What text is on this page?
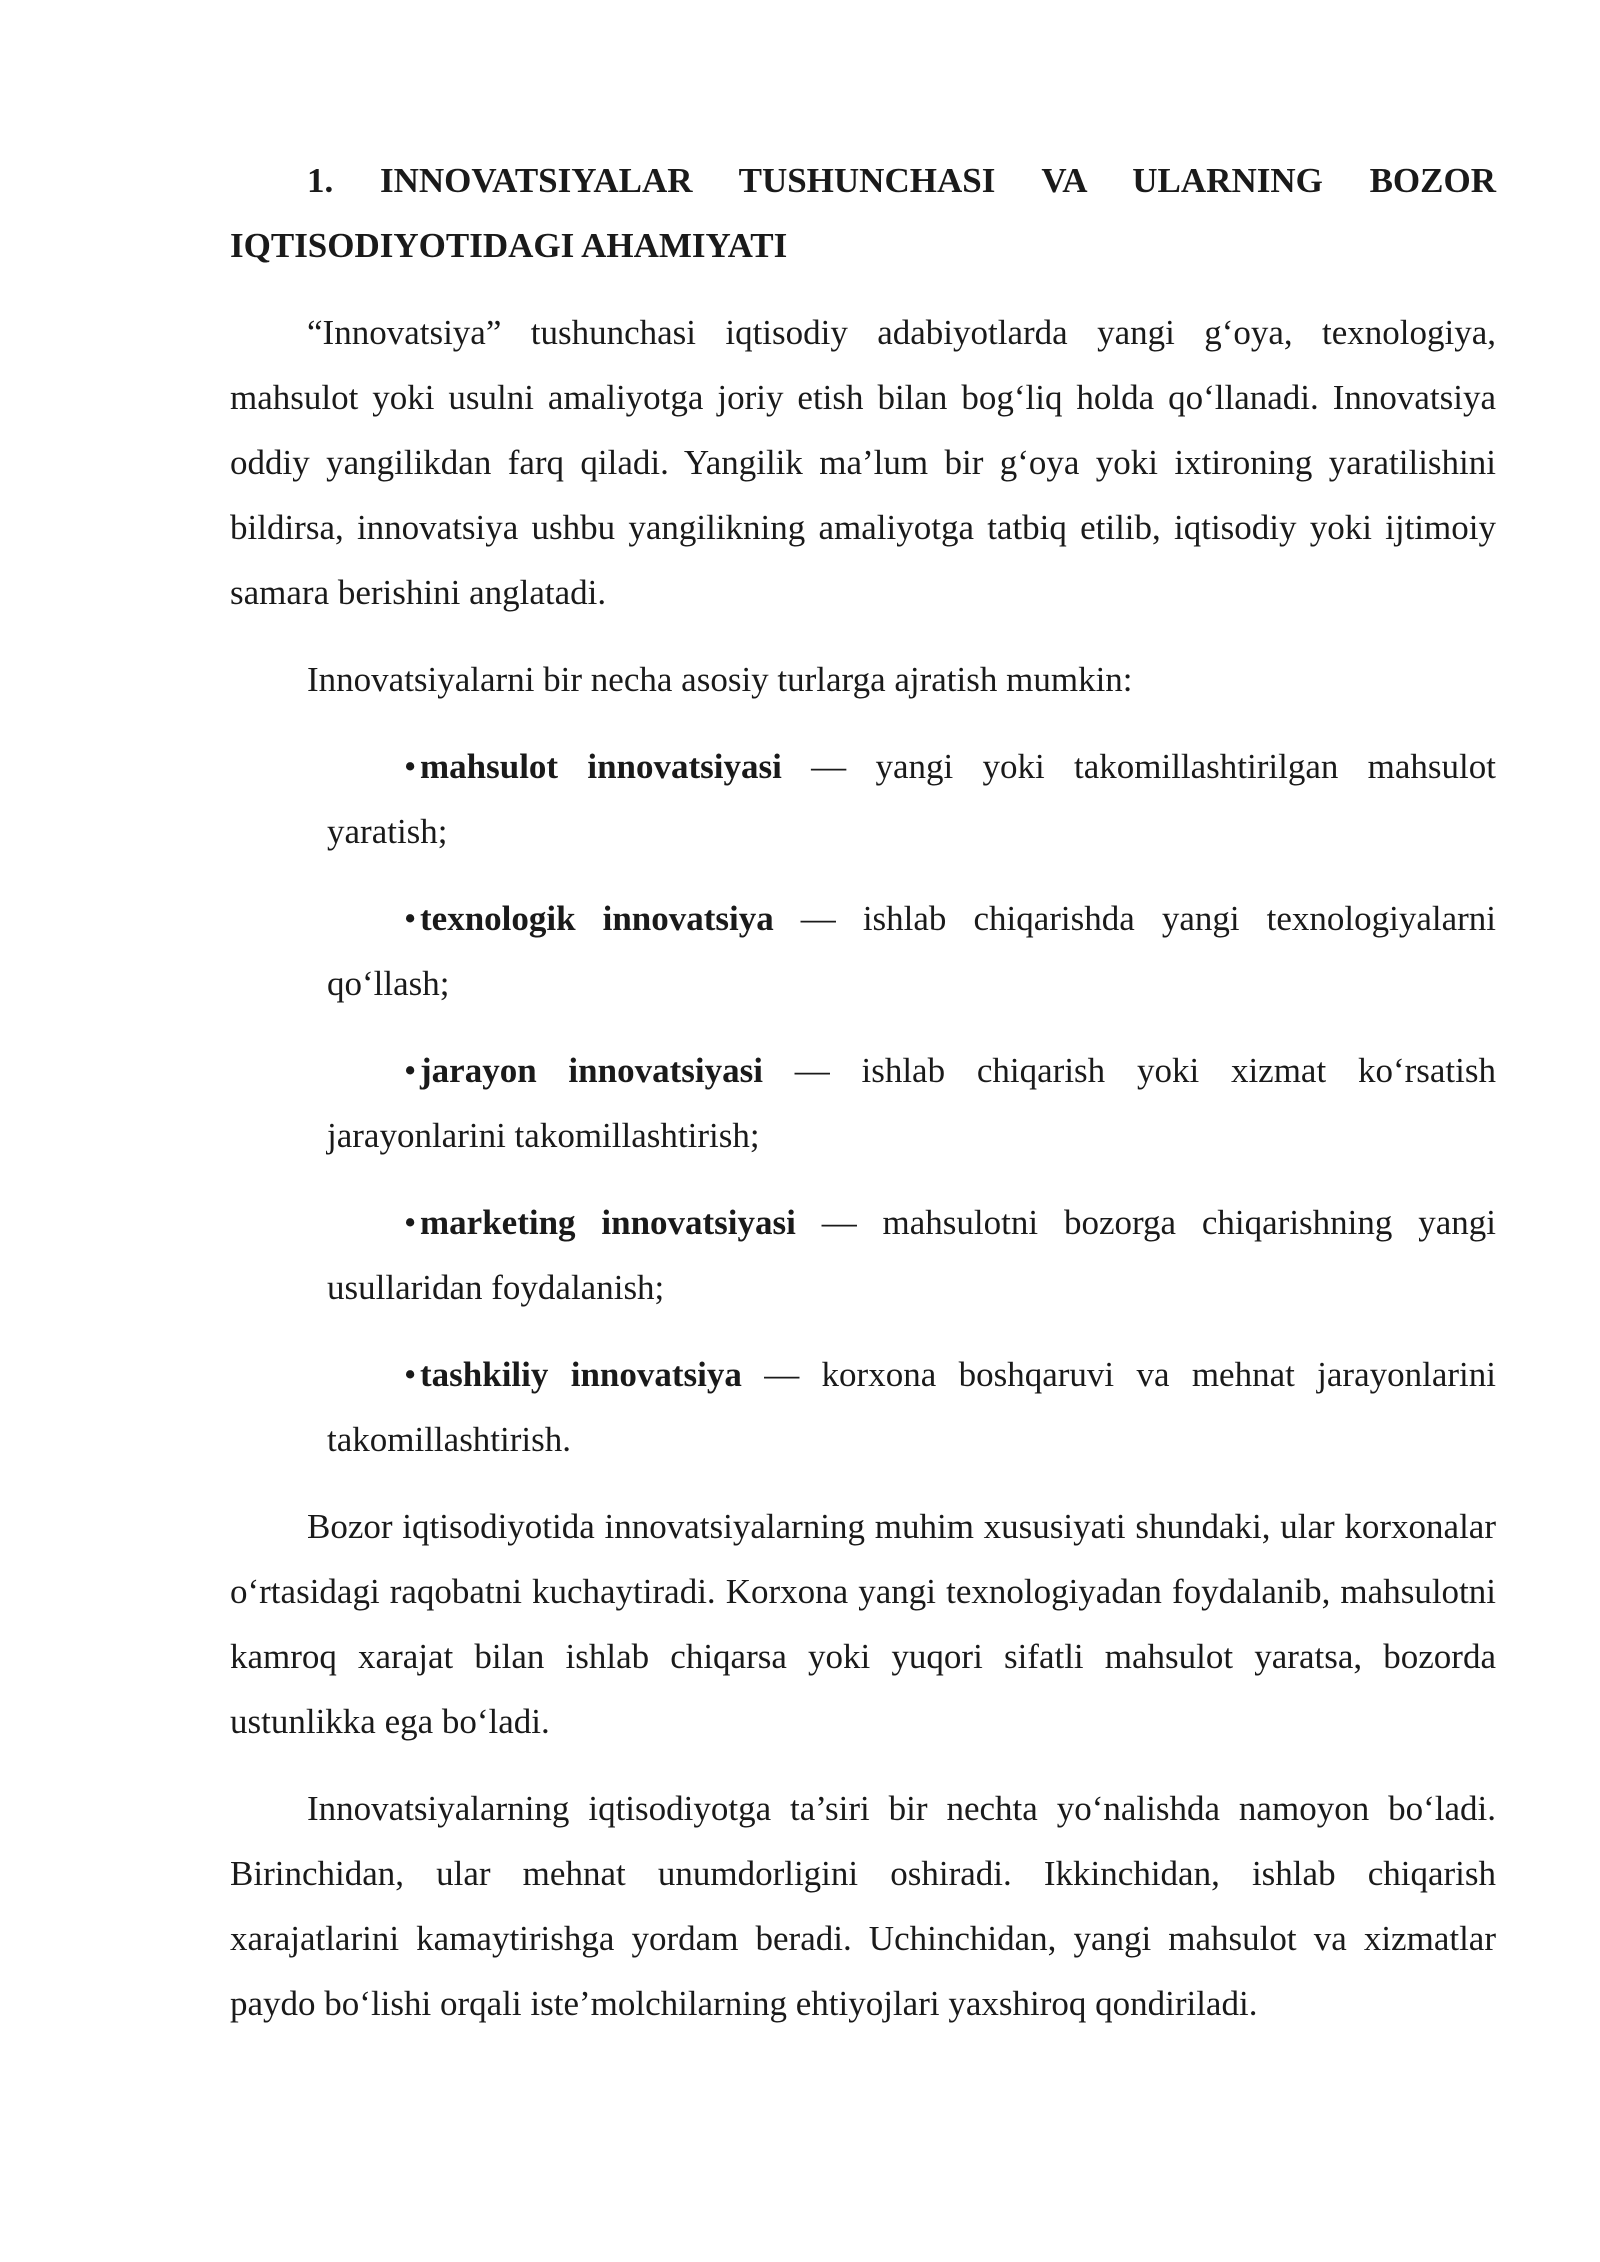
1. INNOVATSIYALAR TUSHUNCHASI VA ULARNING BOZOR IQTISODIYOTIDAGI AHAMIYATI

“Innovatsiya” tushunchasi iqtisodiy adabiyotlarda yangi g‘oya, texnologiya, mahsulot yoki usulni amaliyotga joriy etish bilan bog‘liq holda qo‘llanadi. Innovatsiya oddiy yangilikdan farq qiladi. Yangilik ma’lum bir g‘oya yoki ixtironing yaratilishini bildirsa, innovatsiya ushbu yangilikning amaliyotga tatbiq etilib, iqtisodiy yoki ijtimoiy samara berishini anglatadi.

Innovatsiyalarni bir necha asosiy turlarga ajratish mumkin:

• mahsulot innovatsiyasi — yangi yoki takomillashtirilgan mahsulot yaratish;
• texnologik innovatsiya — ishlab chiqarishda yangi texnologiyalarni qo‘llash;
• jarayon innovatsiyasi — ishlab chiqarish yoki xizmat ko‘rsatish jarayonlarini takomillashtirish;
• marketing innovatsiyasi — mahsulotni bozorga chiqarishning yangi usullaridan foydalanish;
• tashkiliy innovatsiya — korxona boshqaruvi va mehnat jarayonlarini takomillashtirish.

Bozor iqtisodiyotida innovatsiyalarning muhim xususiyati shundaki, ular korxonalar o‘rtasidagi raqobatni kuchaytiradi. Korxona yangi texnologiyadan foydalanib, mahsulotni kamroq xarajat bilan ishlab chiqarsa yoki yuqori sifatli mahsulot yaratsa, bozorda ustunlikka ega bo‘ladi.

Innovatsiyalarning iqtisodiyotga ta’siri bir nechta yo‘nalishda namoyon bo‘ladi. Birinchidan, ular mehnat unumdorligini oshiradi. Ikkinchidan, ishlab chiqarish xarajatlarini kamaytirishga yordam beradi. Uchinchidan, yangi mahsulot va xizmatlar paydo bo‘lishi orqali iste’molchilarning ehtiyojlari yaxshiroq qondiriladi.
